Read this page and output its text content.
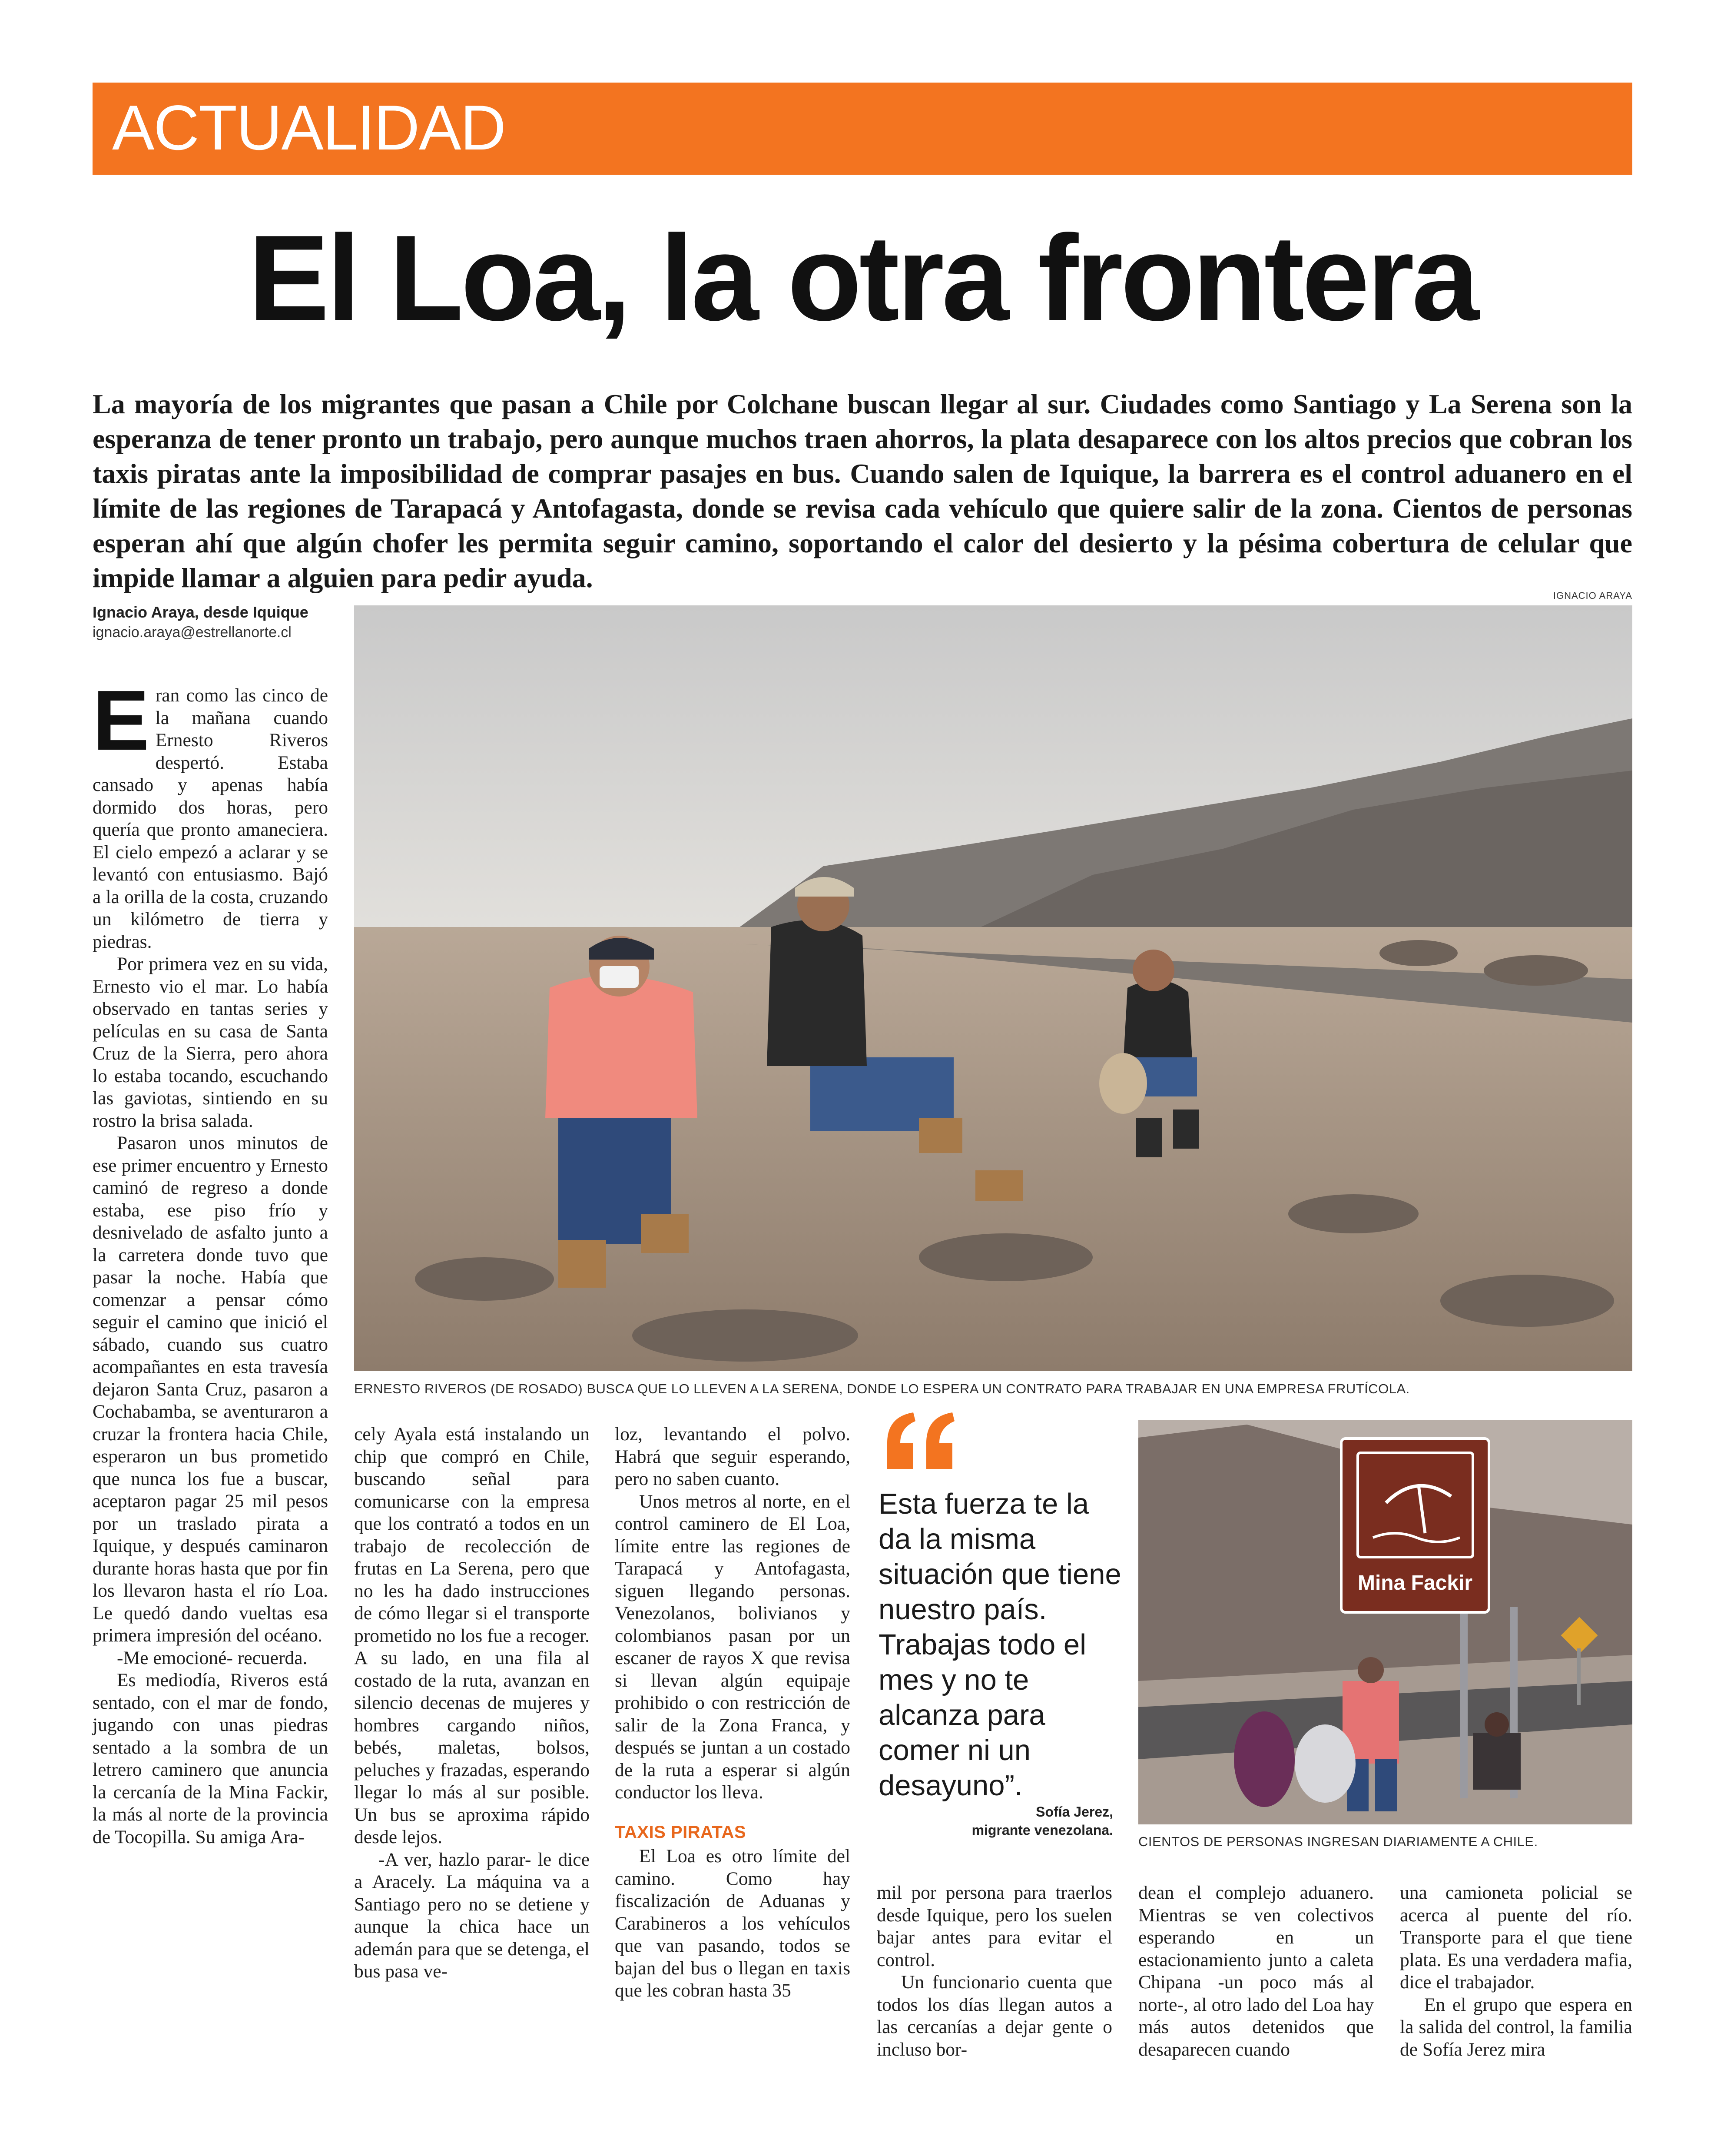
ACTUALIDAD
El Loa, la otra frontera

La mayoría de los migrantes que pasan a Chile por Colchane buscan llegar al sur. Ciudades como Santiago y La Serena son la esperanza de tener pronto un trabajo, pero aunque muchos traen ahorros, la plata desaparece con los altos precios que cobran los taxis piratas ante la imposibilidad de comprar pasajes en bus. Cuando salen de Iquique, la barrera es el control aduanero en el límite de las regiones de Tarapacá y Antofagasta, donde se revisa cada vehículo que quiere salir de la zona. Cientos de personas esperan ahí que algún chofer les permita seguir camino, soportando el calor del desierto y la pésima cobertura de celular que impide llamar a alguien para pedir ayuda.

Ignacio Araya, desde Iquique
ignacio.araya@estrellanorte.cl
IGNACIO ARAYA
ERNESTO RIVEROS (DE ROSADO) BUSCA QUE LO LLEVEN A LA SERENA, DONDE LO ESPERA UN CONTRATO PARA TRABAJAR EN UNA EMPRESA FRUTÍCOLA.
Mina Fackir
CIENTOS DE PERSONAS INGRESAN DIARIAMENTE A CHILE.

Eran como las cinco de la mañana cuando Ernesto Riveros despertó. Estaba cansado y apenas había dormido dos horas, pero quería que pronto amaneciera. El cielo empezó a aclarar y se levantó con entusiasmo. Bajó a la orilla de la costa, cruzando un kilómetro de tierra y piedras.

Por primera vez en su vida, Ernesto vio el mar. Lo había observado en tantas series y películas en su casa de Santa Cruz de la Sierra, pero ahora lo estaba tocando, escuchando las gaviotas, sintiendo en su rostro la brisa salada.

Pasaron unos minutos de ese primer encuentro y Ernesto caminó de regreso a donde estaba, ese piso frío y desnivelado de asfalto junto a la carretera donde tuvo que pasar la noche. Había que comenzar a pensar cómo seguir el camino que inició el sábado, cuando sus cuatro acompañantes en esta travesía dejaron Santa Cruz, pasaron a Cochabamba, se aventuraron a cruzar la frontera hacia Chile, esperaron un bus prometido que nunca los fue a buscar, aceptaron pagar 25 mil pesos por un traslado pirata a Iquique, y después caminaron durante horas hasta que por fin los llevaron hasta el río Loa. Le quedó dando vueltas esa primera impresión del océano.

-Me emocioné- recuerda.

Es mediodía, Riveros está sentado, con el mar de fondo, jugando con unas piedras sentado a la sombra de un letrero caminero que anuncia la cercanía de la Mina Fackir, la más al norte de la provincia de Tocopilla. Su amiga Ara-

cely Ayala está instalando un chip que compró en Chile, buscando señal para comunicarse con la empresa que los contrató a todos en un trabajo de recolección de frutas en La Serena, pero que no les ha dado instrucciones de cómo llegar si el transporte prometido no los fue a recoger. A su lado, en una fila al costado de la ruta, avanzan en silencio decenas de mujeres y hombres cargando niños, bebés, maletas, bolsos, peluches y frazadas, esperando llegar lo más al sur posible. Un bus se aproxima rápido desde lejos.

-A ver, hazlo parar- le dice a Aracely. La máquina va a Santiago pero no se detiene y aunque la chica hace un ademán para que se detenga, el bus pasa ve-

loz, levantando el polvo. Habrá que seguir esperando, pero no saben cuanto.

Unos metros al norte, en el control caminero de El Loa, límite entre las regiones de Tarapacá y Antofagasta, siguen llegando personas. Venezolanos, bolivianos y colombianos pasan por un escaner de rayos X que revisa si llevan algún equipaje prohibido o con restricción de salir de la Zona Franca, y después se juntan a un costado de la ruta a esperar si algún conductor los lleva.

TAXIS PIRATAS

El Loa es otro límite del camino. Como hay fiscalización de Aduanas y Carabineros a los vehículos que van pasando, todos se bajan del bus o llegan en taxis que les cobran hasta 35

Esta fuerza te la da la misma situación que tiene nuestro país. Trabajas todo el mes y no te alcanza para comer ni un desayuno”.
Sofía Jerez,
migrante venezolana.

mil por persona para traerlos desde Iquique, pero los suelen bajar antes para evitar el control.

Un funcionario cuenta que todos los días llegan autos a las cercanías a dejar gente o incluso bor-

dean el complejo aduanero. Mientras se ven colectivos esperando en un estacionamiento junto a caleta Chipana -un poco más al norte-, al otro lado del Loa hay más autos detenidos que desaparecen cuando

una camioneta policial se acerca al puente del río. Transporte para el que tiene plata. Es una verdadera mafia, dice el trabajador.

En el grupo que espera en la salida del control, la familia de Sofía Jerez mira
